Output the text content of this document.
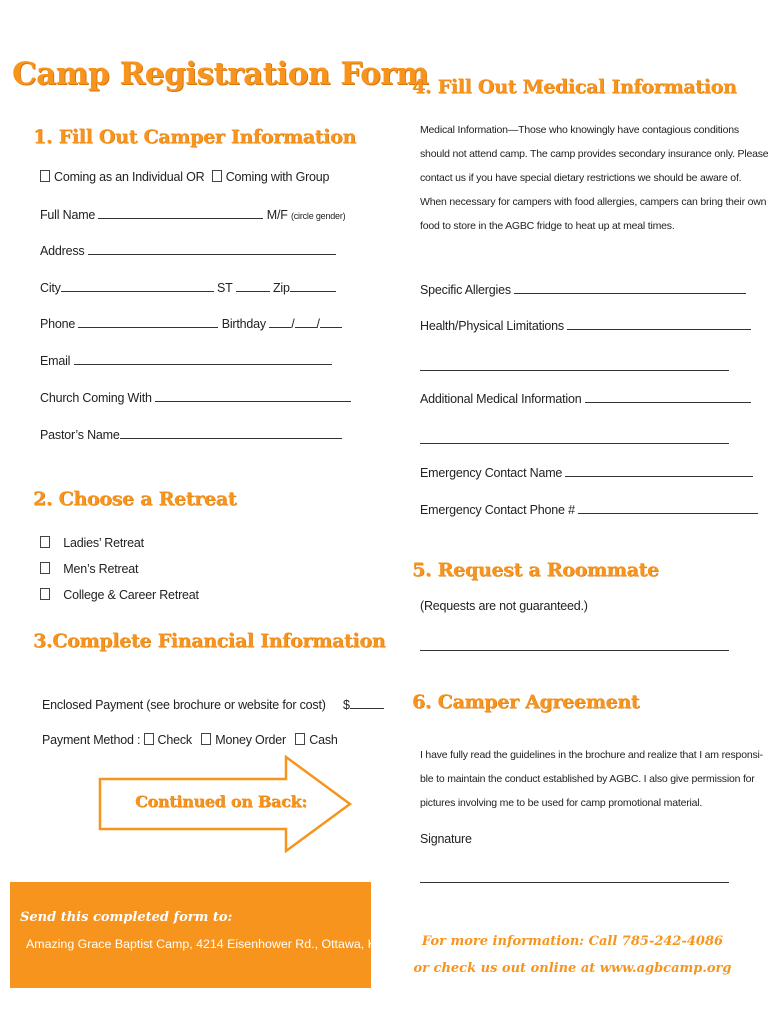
Camp Registration Form
1. Fill Out Camper Information
Coming as an Individual OR Coming with Group
Full Name	M/F (circle gender)
Address
City	ST	Zip
Phone	Birthday / /
Email
Church Coming With
Pastor’s Name
2. Choose a Retreat
Ladies’ Retreat
Men’s Retreat
College & Career Retreat
3.Complete Financial Information
Enclosed Payment (see brochure or website for cost) $
Payment Method : Check Money Order Cash
Continued on Back:
Send this completed form to:
Amazing Grace Baptist Camp, 4214 Eisenhower Rd., Ottawa, KS 66067
4. Fill Out Medical Information
Medical Information—Those who knowingly have contagious conditions
should not attend camp. The camp provides secondary insurance only. Please
contact us if you have special dietary restrictions we should be aware of.
When necessary for campers with food allergies, campers can bring their own
food to store in the AGBC fridge to heat up at meal times.
Specific Allergies
Health/Physical Limitations
Additional Medical Information
Emergency Contact Name
Emergency Contact Phone #
5. Request a Roommate
(Requests are not guaranteed.)
6. Camper Agreement
I have fully read the guidelines in the brochure and realize that I am responsi-
ble to maintain the conduct established by AGBC. I also give permission for
pictures involving me to be used for camp promotional material.
Signature
For more information: Call 785-242-4086
or check us out online at www.agbcamp.org
